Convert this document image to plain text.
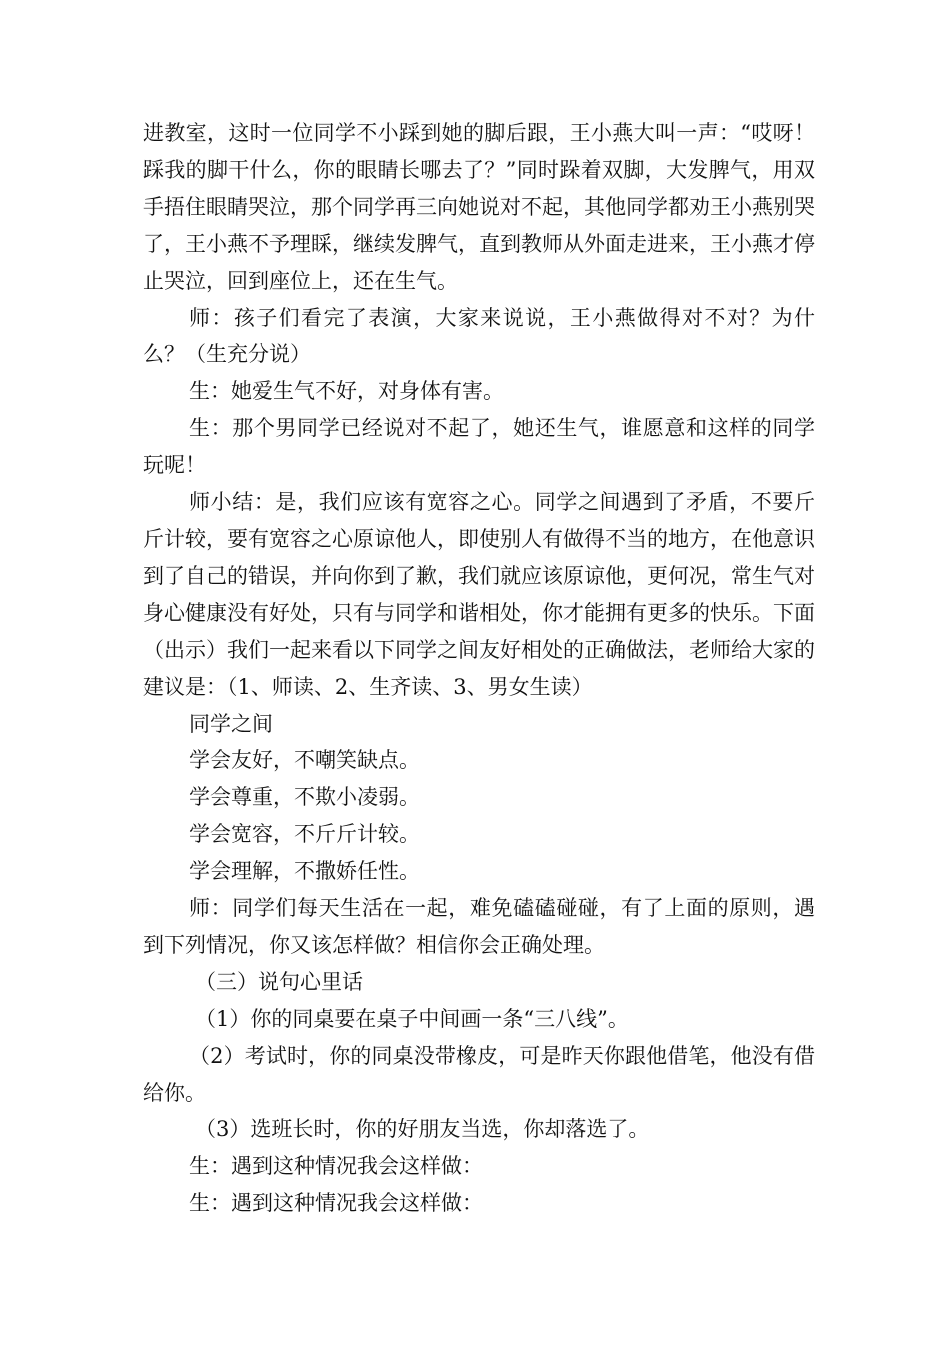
进教室，这时一位同学不小踩到她的脚后跟，王小燕大叫一声：“哎呀！踩我的脚干什么，你的眼睛长哪去了？”同时跺着双脚，大发脾气，用双手捂住眼睛哭泣，那个同学再三向她说对不起，其他同学都劝王小燕别哭了，王小燕不予理睬，继续发脾气，直到教师从外面走进来，王小燕才停止哭泣，回到座位上，还在生气。

师：孩子们看完了表演，大家来说说，王小燕做得对不对？为什么？（生充分说）

生：她爱生气不好，对身体有害。

生：那个男同学已经说对不起了，她还生气，谁愿意和这样的同学玩呢！

师小结：是，我们应该有宽容之心。同学之间遇到了矛盾，不要斤斤计较，要有宽容之心原谅他人，即使别人有做得不当的地方，在他意识到了自己的错误，并向你到了歉，我们就应该原谅他，更何况，常生气对身心健康没有好处，只有与同学和谐相处，你才能拥有更多的快乐。下面（出示）我们一起来看以下同学之间友好相处的正确做法，老师给大家的建议是：（1、师读、2、生齐读、3、男女生读）

同学之间

学会友好，不嘲笑缺点。

学会尊重，不欺小凌弱。

学会宽容，不斤斤计较。

学会理解，不撒娇任性。

师：同学们每天生活在一起，难免磕磕碰碰，有了上面的原则，遇到下列情况，你又该怎样做？相信你会正确处理。

（三）说句心里话

（1）你的同桌要在桌子中间画一条“三八线”。

（2）考试时，你的同桌没带橡皮，可是昨天你跟他借笔，他没有借给你。

（3）选班长时，你的好朋友当选，你却落选了。

生：遇到这种情况我会这样做：

生：遇到这种情况我会这样做：
